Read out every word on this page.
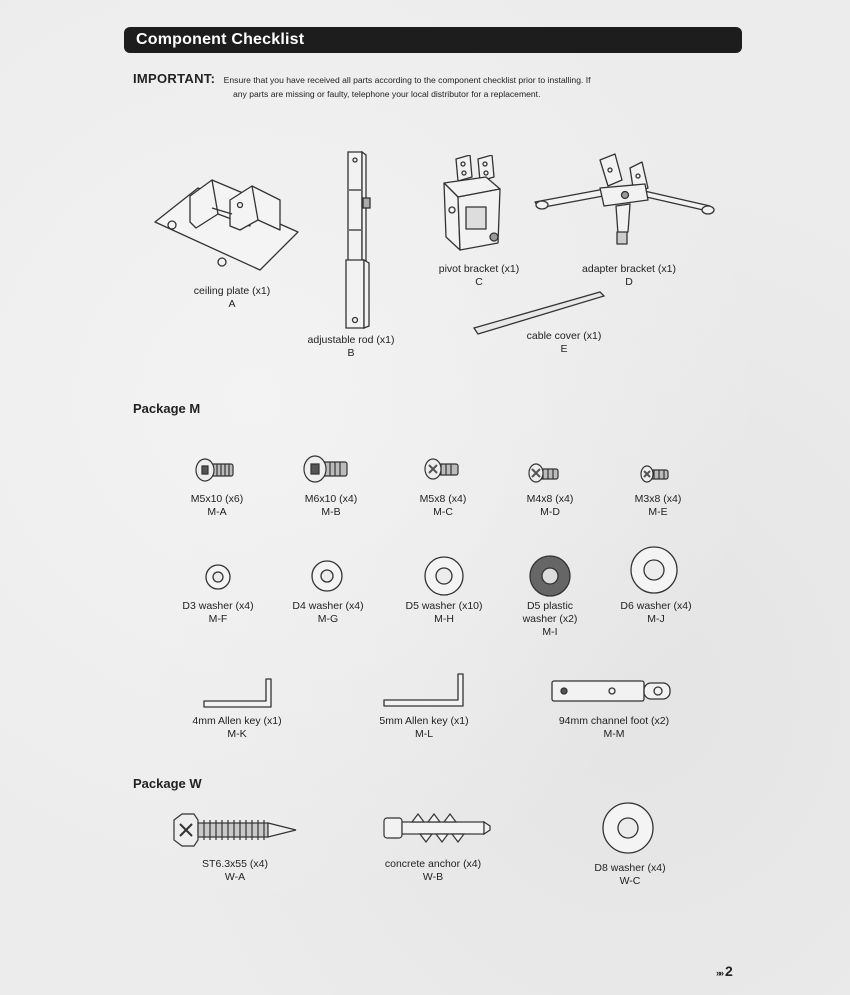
Component Checklist
IMPORTANT: Ensure that you have received all parts according to the component checklist prior to installing. If
any parts are missing or faulty, telephone your local distributor for a replacement.
ceiling plate (x1)
A
adjustable rod (x1)
B
pivot bracket (x1)
C
adapter bracket (x1)
D
cable cover (x1)
E
Package M
M5x10 (x6)
M-A
M6x10 (x4)
M-B
M5x8 (x4)
M-C
M4x8 (x4)
M-D
M3x8 (x4)
M-E
D3 washer (x4)
M-F
D4 washer (x4)
M-G
D5 washer (x10)
M-H
D5 plastic
washer (x2)
M-I
D6 washer (x4)
M-J
4mm Allen key (x1)
M-K
5mm Allen key (x1)
M-L
94mm channel foot (x2)
M-M
Package W
ST6.3x55 (x4)
W-A
concrete anchor (x4)
W-B
D8 washer (x4)
W-C
»» 2
